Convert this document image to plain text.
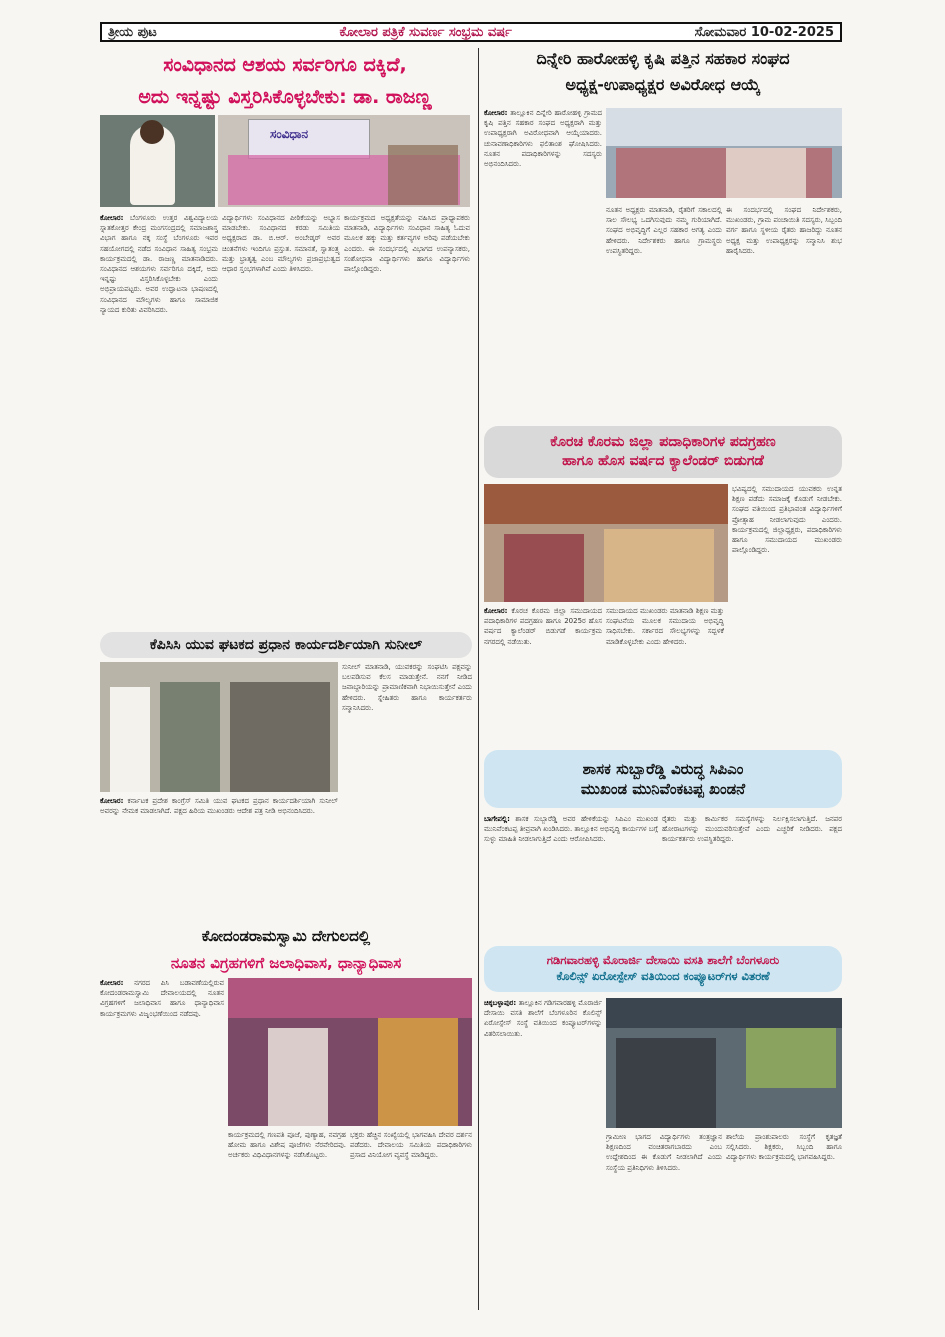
ತ್ರೀಯ ಪುಟ	ಕೋಲಾರ ಪತ್ರಿಕೆ ಸುವರ್ಣ ಸಂಭ್ರಮ ವರ್ಷ	ಸೋಮವಾರ 10-02-2025
ಸಂವಿಧಾನದ ಆಶಯ ಸರ್ವರಿಗೂ ದಕ್ಕಿದೆ,
ಅದು ಇನ್ನಷ್ಟು ವಿಸ್ತರಿಸಿಕೊಳ್ಳಬೇಕು: ಡಾ. ರಾಜಣ್ಣ
ಸಂವಿಧಾನ
ಕೋಲಾರ: ಬೆಂಗಳೂರು ಉತ್ತರ ವಿಶ್ವವಿದ್ಯಾಲಯ ಸ್ನಾತಕೋತ್ತರ ಕೇಂದ್ರ ಮಂಗಸಂದ್ರದಲ್ಲಿ ಸಮಾಜಶಾಸ್ತ್ರ ವಿಭಾಗ ಹಾಗೂ ನಕ್ಕ ಸಂಸ್ಥೆ ಬೆಂಗಳೂರು ಇವರ ಸಹಯೋಗದಲ್ಲಿ ನಡೆದ ಸಂವಿಧಾನ ಸಾಹಿತ್ಯ ಸಂಭ್ರಮ ಕಾರ್ಯಕ್ರಮದಲ್ಲಿ ಡಾ. ರಾಜಣ್ಣ ಮಾತನಾಡಿದರು. ಸಂವಿಧಾನದ ಆಶಯಗಳು ಸರ್ವರಿಗೂ ದಕ್ಕಿದೆ, ಅದು ಇನ್ನಷ್ಟು ವಿಸ್ತರಿಸಿಕೊಳ್ಳಬೇಕು ಎಂದು ಅಭಿಪ್ರಾಯಪಟ್ಟರು. ಅವರ ಉದ್ಘಾಟನಾ ಭಾಷಣದಲ್ಲಿ ಸಂವಿಧಾನದ ಮೌಲ್ಯಗಳು ಹಾಗೂ ಸಾಮಾಜಿಕ ನ್ಯಾಯದ ಕುರಿತು ವಿವರಿಸಿದರು.
ವಿದ್ಯಾರ್ಥಿಗಳು ಸಂವಿಧಾನದ ಪೀಠಿಕೆಯನ್ನು ಅಭ್ಯಾಸ ಮಾಡಬೇಕು. ಸಂವಿಧಾನದ ಕರಡು ಸಮಿತಿಯ ಅಧ್ಯಕ್ಷರಾದ ಡಾ. ಬಿ.ಆರ್. ಅಂಬೇಡ್ಕರ್ ಅವರ ಚಿಂತನೆಗಳು ಇಂದಿಗೂ ಪ್ರಸ್ತುತ. ಸಮಾನತೆ, ಸ್ವಾತಂತ್ರ್ಯ ಮತ್ತು ಭ್ರಾತೃತ್ವ ಎಂಬ ಮೌಲ್ಯಗಳು ಪ್ರಜಾಪ್ರಭುತ್ವದ ಆಧಾರ ಸ್ತಂಭಗಳಾಗಿವೆ ಎಂದು ತಿಳಿಸಿದರು.
ಕಾರ್ಯಕ್ರಮದ ಅಧ್ಯಕ್ಷತೆಯನ್ನು ವಹಿಸಿದ ಪ್ರಾಧ್ಯಾಪಕರು ಮಾತನಾಡಿ, ವಿದ್ಯಾರ್ಥಿಗಳು ಸಂವಿಧಾನ ಸಾಹಿತ್ಯ ಓದುವ ಮೂಲಕ ಹಕ್ಕು ಮತ್ತು ಕರ್ತವ್ಯಗಳ ಅರಿವು ಪಡೆಯಬೇಕು ಎಂದರು. ಈ ಸಂದರ್ಭದಲ್ಲಿ ವಿಭಾಗದ ಉಪನ್ಯಾಸಕರು, ಸಂಶೋಧನಾ ವಿದ್ಯಾರ್ಥಿಗಳು ಹಾಗೂ ವಿದ್ಯಾರ್ಥಿಗಳು ಪಾಲ್ಗೊಂಡಿದ್ದರು.
ದಿನ್ನೇರಿ ಹಾರೋಹಳ್ಳಿ ಕೃಷಿ ಪತ್ತಿನ ಸಹಕಾರ ಸಂಘದ
ಅಧ್ಯಕ್ಷ-ಉಪಾಧ್ಯಕ್ಷರ ಅವಿರೋಧ ಆಯ್ಕೆ
ಕೋಲಾರ: ತಾಲ್ಲೂಕಿನ ದಿನ್ನೇರಿ ಹಾರೋಹಳ್ಳಿ ಗ್ರಾಮದ ಕೃಷಿ ಪತ್ತಿನ ಸಹಕಾರ ಸಂಘದ ಅಧ್ಯಕ್ಷರಾಗಿ ಮತ್ತು ಉಪಾಧ್ಯಕ್ಷರಾಗಿ ಅವಿರೋಧವಾಗಿ ಆಯ್ಕೆಯಾದರು. ಚುನಾವಣಾಧಿಕಾರಿಗಳು ಫಲಿತಾಂಶ ಘೋಷಿಸಿದರು. ನೂತನ ಪದಾಧಿಕಾರಿಗಳನ್ನು ಸದಸ್ಯರು ಅಭಿನಂದಿಸಿದರು.
ನೂತನ ಅಧ್ಯಕ್ಷರು ಮಾತನಾಡಿ, ರೈತರಿಗೆ ಸಕಾಲದಲ್ಲಿ ಸಾಲ ಸೌಲಭ್ಯ ಒದಗಿಸುವುದು ನಮ್ಮ ಗುರಿಯಾಗಿದೆ. ಸಂಘದ ಅಭಿವೃದ್ಧಿಗೆ ಎಲ್ಲರ ಸಹಕಾರ ಅಗತ್ಯ ಎಂದು ಹೇಳಿದರು. ನಿರ್ದೇಶಕರು ಹಾಗೂ ಗ್ರಾಮಸ್ಥರು ಉಪಸ್ಥಿತರಿದ್ದರು.
ಈ ಸಂದರ್ಭದಲ್ಲಿ ಸಂಘದ ನಿರ್ದೇಶಕರು, ಮುಖಂಡರು, ಗ್ರಾಮ ಪಂಚಾಯಿತಿ ಸದಸ್ಯರು, ಸಿಬ್ಬಂದಿ ವರ್ಗ ಹಾಗೂ ಸ್ಥಳೀಯ ರೈತರು ಹಾಜರಿದ್ದು ನೂತನ ಅಧ್ಯಕ್ಷ ಮತ್ತು ಉಪಾಧ್ಯಕ್ಷರನ್ನು ಸನ್ಮಾನಿಸಿ ಶುಭ ಹಾರೈಸಿದರು.
ಕೊರಚ ಕೊರಮ ಜಿಲ್ಲಾ ಪದಾಧಿಕಾರಿಗಳ ಪದಗ್ರಹಣ
ಹಾಗೂ ಹೊಸ ವರ್ಷದ ಕ್ಯಾಲೆಂಡರ್ ಬಿಡುಗಡೆ
ಭವಿಷ್ಯದಲ್ಲಿ ಸಮುದಾಯದ ಯುವಕರು ಉನ್ನತ ಶಿಕ್ಷಣ ಪಡೆದು ಸಮಾಜಕ್ಕೆ ಕೊಡುಗೆ ನೀಡಬೇಕು. ಸಂಘದ ವತಿಯಿಂದ ಪ್ರತಿಭಾವಂತ ವಿದ್ಯಾರ್ಥಿಗಳಿಗೆ ಪ್ರೋತ್ಸಾಹ ನೀಡಲಾಗುವುದು ಎಂದರು. ಕಾರ್ಯಕ್ರಮದಲ್ಲಿ ಜಿಲ್ಲಾಧ್ಯಕ್ಷರು, ಪದಾಧಿಕಾರಿಗಳು ಹಾಗೂ ಸಮುದಾಯದ ಮುಖಂಡರು ಪಾಲ್ಗೊಂಡಿದ್ದರು.
ಕೋಲಾರ: ಕೊರಚ ಕೊರಮ ಜಿಲ್ಲಾ ಸಮುದಾಯದ ಪದಾಧಿಕಾರಿಗಳ ಪದಗ್ರಹಣ ಹಾಗೂ 2025ರ ಹೊಸ ವರ್ಷದ ಕ್ಯಾಲೆಂಡರ್ ಬಿಡುಗಡೆ ಕಾರ್ಯಕ್ರಮ ನಗರದಲ್ಲಿ ನಡೆಯಿತು.
ಸಮುದಾಯದ ಮುಖಂಡರು ಮಾತನಾಡಿ ಶಿಕ್ಷಣ ಮತ್ತು ಸಂಘಟನೆಯ ಮೂಲಕ ಸಮುದಾಯ ಅಭಿವೃದ್ಧಿ ಸಾಧಿಸಬೇಕು. ಸರ್ಕಾರದ ಸೌಲಭ್ಯಗಳನ್ನು ಸದ್ಬಳಕೆ ಮಾಡಿಕೊಳ್ಳಬೇಕು ಎಂದು ಹೇಳಿದರು.
ಕೆಪಿಸಿಸಿ ಯುವ ಘಟಕದ ಪ್ರಧಾನ ಕಾರ್ಯದರ್ಶಿಯಾಗಿ ಸುನೀಲ್
ಸುನೀಲ್ ಮಾತನಾಡಿ, ಯುವಕರನ್ನು ಸಂಘಟಿಸಿ ಪಕ್ಷವನ್ನು ಬಲಪಡಿಸುವ ಕೆಲಸ ಮಾಡುತ್ತೇನೆ. ನನಗೆ ನೀಡಿದ ಜವಾಬ್ದಾರಿಯನ್ನು ಪ್ರಾಮಾಣಿಕವಾಗಿ ನಿಭಾಯಿಸುತ್ತೇನೆ ಎಂದು ಹೇಳಿದರು. ಸ್ನೇಹಿತರು ಹಾಗೂ ಕಾರ್ಯಕರ್ತರು ಸನ್ಮಾನಿಸಿದರು.
ಕೋಲಾರ: ಕರ್ನಾಟಕ ಪ್ರದೇಶ ಕಾಂಗ್ರೆಸ್ ಸಮಿತಿ ಯುವ ಘಟಕದ ಪ್ರಧಾನ ಕಾರ್ಯದರ್ಶಿಯಾಗಿ ಸುನೀಲ್ ಅವರನ್ನು ನೇಮಕ ಮಾಡಲಾಗಿದೆ. ಪಕ್ಷದ ಹಿರಿಯ ಮುಖಂಡರು ಆದೇಶ ಪತ್ರ ನೀಡಿ ಅಭಿನಂದಿಸಿದರು.
ಶಾಸಕ ಸುಬ್ಬಾರೆಡ್ಡಿ ವಿರುದ್ಧ ಸಿಪಿಎಂ
ಮುಖಂಡ ಮುನಿವೆಂಕಟಪ್ಪ ಖಂಡನೆ
ಬಾಗೇಪಲ್ಲಿ: ಶಾಸಕ ಸುಬ್ಬಾರೆಡ್ಡಿ ಅವರ ಹೇಳಿಕೆಯನ್ನು ಸಿಪಿಎಂ ಮುಖಂಡ ಮುನಿವೆಂಕಟಪ್ಪ ತೀವ್ರವಾಗಿ ಖಂಡಿಸಿದರು. ತಾಲ್ಲೂಕಿನ ಅಭಿವೃದ್ಧಿ ಕಾರ್ಯಗಳ ಬಗ್ಗೆ ಸುಳ್ಳು ಮಾಹಿತಿ ನೀಡಲಾಗುತ್ತಿದೆ ಎಂದು ಆರೋಪಿಸಿದರು.
ರೈತರು ಮತ್ತು ಕಾರ್ಮಿಕರ ಸಮಸ್ಯೆಗಳನ್ನು ನಿರ್ಲಕ್ಷಿಸಲಾಗುತ್ತಿದೆ. ಜನಪರ ಹೋರಾಟಗಳನ್ನು ಮುಂದುವರಿಸುತ್ತೇವೆ ಎಂದು ಎಚ್ಚರಿಕೆ ನೀಡಿದರು. ಪಕ್ಷದ ಕಾರ್ಯಕರ್ತರು ಉಪಸ್ಥಿತರಿದ್ದರು.
ಕೋದಂಡರಾಮಸ್ವಾಮಿ ದೇಗುಲದಲ್ಲಿ
ನೂತನ ವಿಗ್ರಹಗಳಿಗೆ ಜಲಾಧಿವಾಸ, ಧಾನ್ಯಾಧಿವಾಸ
ಕೋಲಾರ: ನಗರದ ಪಿಸಿ ಬಡಾವಣೆಯಲ್ಲಿರುವ ಕೋದಂಡರಾಮಸ್ವಾಮಿ ದೇವಾಲಯದಲ್ಲಿ ನೂತನ ವಿಗ್ರಹಗಳಿಗೆ ಜಲಾಧಿವಾಸ ಹಾಗೂ ಧಾನ್ಯಾಧಿವಾಸ ಕಾರ್ಯಕ್ರಮಗಳು ವಿಜೃಂಭಣೆಯಿಂದ ನಡೆದವು.
ಕಾರ್ಯಕ್ರಮದಲ್ಲಿ ಗಣಪತಿ ಪೂಜೆ, ಪುಣ್ಯಾಹ, ನವಗ್ರಹ ಹೋಮ ಹಾಗೂ ವಿಶೇಷ ಪೂಜೆಗಳು ನೆರವೇರಿದವು. ಅರ್ಚಕರು ವಿಧಿವಿಧಾನಗಳನ್ನು ನಡೆಸಿಕೊಟ್ಟರು.
ಭಕ್ತರು ಹೆಚ್ಚಿನ ಸಂಖ್ಯೆಯಲ್ಲಿ ಭಾಗವಹಿಸಿ ದೇವರ ದರ್ಶನ ಪಡೆದರು. ದೇವಾಲಯ ಸಮಿತಿಯ ಪದಾಧಿಕಾರಿಗಳು ಪ್ರಸಾದ ವಿನಿಯೋಗ ವ್ಯವಸ್ಥೆ ಮಾಡಿದ್ದರು.
ಗಡಿಗವಾರಹಳ್ಳಿ ಮೊರಾರ್ಜಿ ದೇಸಾಯಿ ವಸತಿ ಶಾಲೆಗೆ ಬೆಂಗಳೂರು
ಕೊಲಿನ್ಸ್ ಏರೋಸ್ಪೇಸ್ ವತಿಯಿಂದ ಕಂಪ್ಯೂಟರ್‌ಗಳ ವಿತರಣೆ
ಚಿಕ್ಕಬಳ್ಳಾಪುರ: ತಾಲ್ಲೂಕಿನ ಗಡಿಗವಾರಹಳ್ಳಿ ಮೊರಾರ್ಜಿ ದೇಸಾಯಿ ವಸತಿ ಶಾಲೆಗೆ ಬೆಂಗಳೂರಿನ ಕೊಲಿನ್ಸ್ ಏರೋಸ್ಪೇಸ್ ಸಂಸ್ಥೆ ವತಿಯಿಂದ ಕಂಪ್ಯೂಟರ್‌ಗಳನ್ನು ವಿತರಿಸಲಾಯಿತು.
ಗ್ರಾಮೀಣ ಭಾಗದ ವಿದ್ಯಾರ್ಥಿಗಳು ತಂತ್ರಜ್ಞಾನ ಶಿಕ್ಷಣದಿಂದ ವಂಚಿತರಾಗಬಾರದು ಎಂಬ ಉದ್ದೇಶದಿಂದ ಈ ಕೊಡುಗೆ ನೀಡಲಾಗಿದೆ ಎಂದು ಸಂಸ್ಥೆಯ ಪ್ರತಿನಿಧಿಗಳು ತಿಳಿಸಿದರು.
ಶಾಲೆಯ ಪ್ರಾಂಶುಪಾಲರು ಸಂಸ್ಥೆಗೆ ಕೃತಜ್ಞತೆ ಸಲ್ಲಿಸಿದರು. ಶಿಕ್ಷಕರು, ಸಿಬ್ಬಂದಿ ಹಾಗೂ ವಿದ್ಯಾರ್ಥಿಗಳು ಕಾರ್ಯಕ್ರಮದಲ್ಲಿ ಭಾಗವಹಿಸಿದ್ದರು.
